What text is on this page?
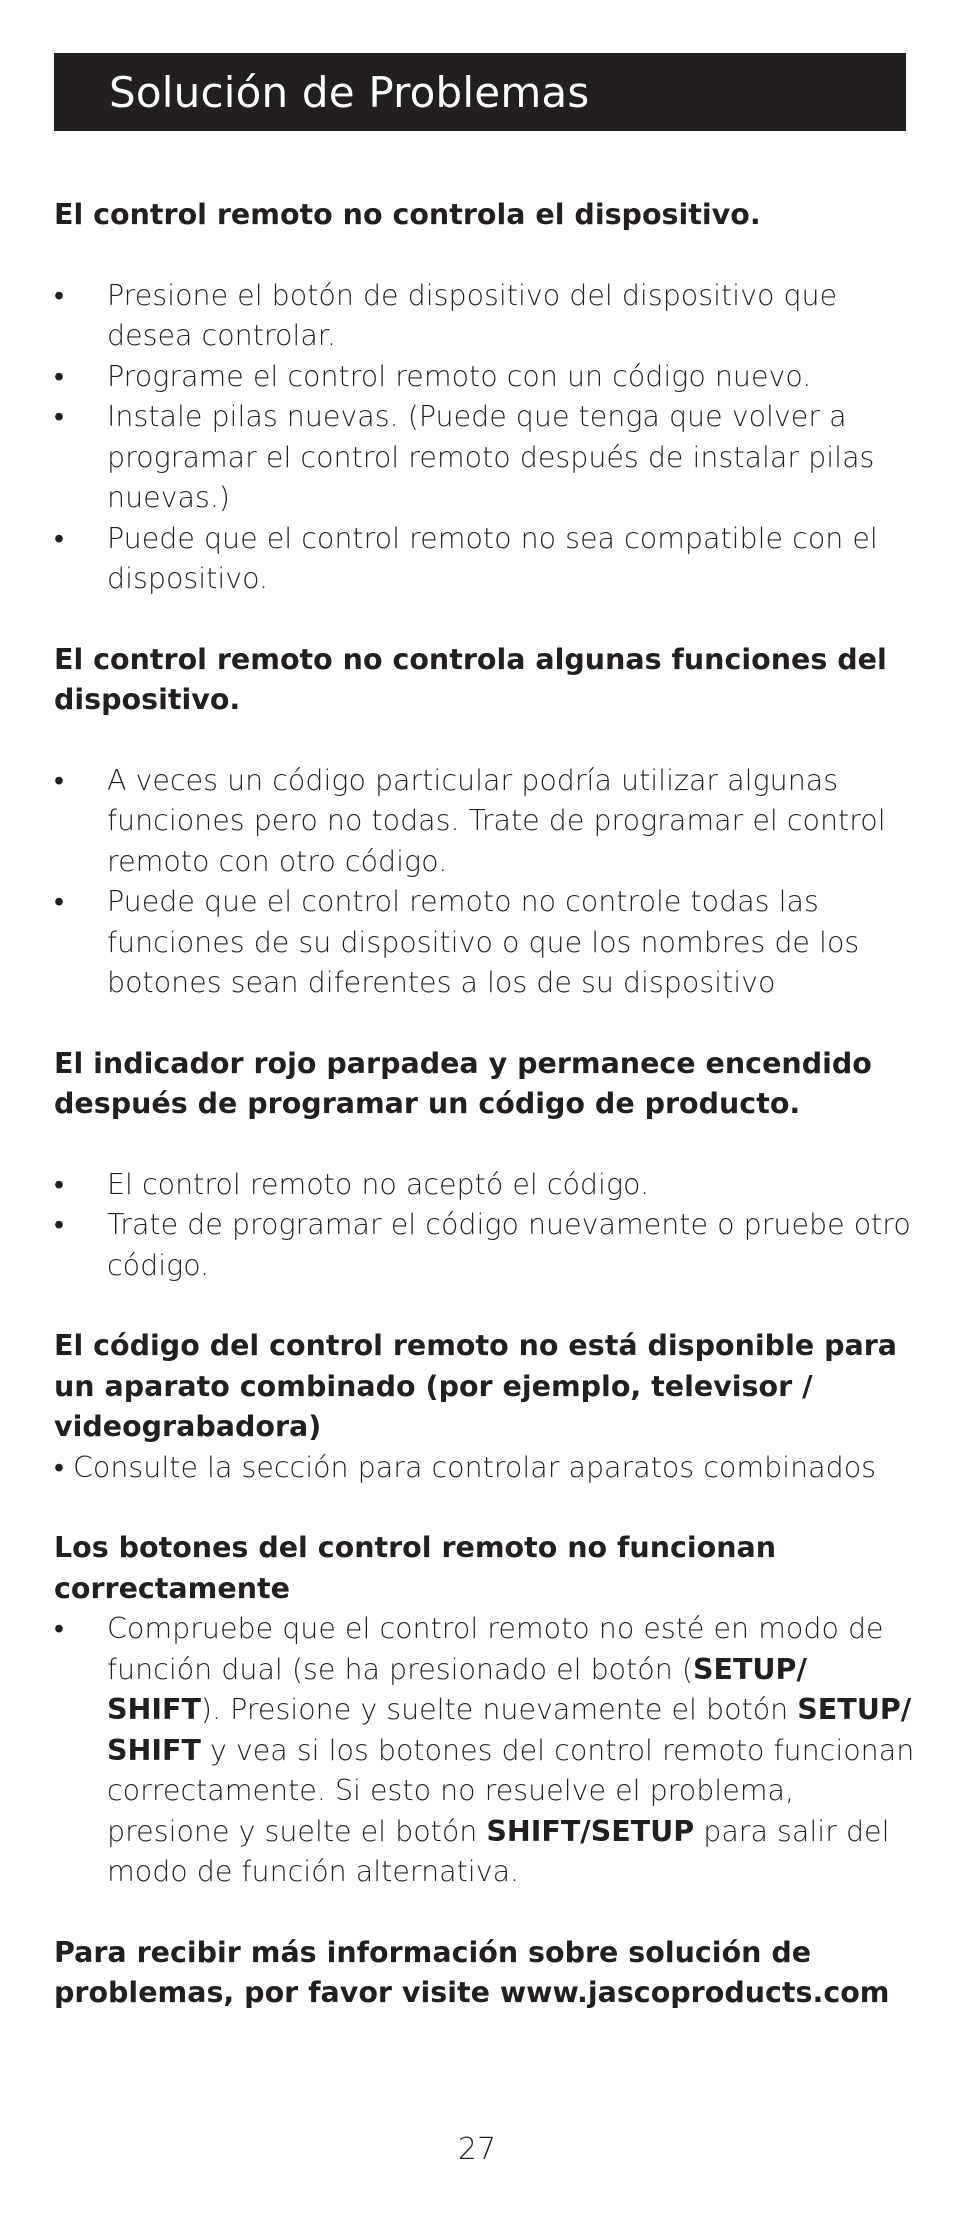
Solución de Problemas

El control remoto no controla el dispositivo.

• Presione el botón de dispositivo del dispositivo que desea controlar.
• Programe el control remoto con un código nuevo.
• Instale pilas nuevas. (Puede que tenga que volver a programar el control remoto después de instalar pilas nuevas.)
• Puede que el control remoto no sea compatible con el dispositivo.

El control remoto no controla algunas funciones del dispositivo.

• A veces un código particular podría utilizar algunas funciones pero no todas. Trate de programar el control remoto con otro código.
• Puede que el control remoto no controle todas las funciones de su dispositivo o que los nombres de los botones sean diferentes a los de su dispositivo

El indicador rojo parpadea y permanece encendido después de programar un código de producto.

• El control remoto no aceptó el código.
• Trate de programar el código nuevamente o pruebe otro código.

El código del control remoto no está disponible para un aparato combinado (por ejemplo, televisor / videograbadora)

• Consulte la sección para controlar aparatos combinados

Los botones del control remoto no funcionan correctamente

• Compruebe que el control remoto no esté en modo de función dual (se ha presionado el botón (SETUP/ SHIFT). Presione y suelte nuevamente el botón SETUP/ SHIFT y vea si los botones del control remoto funcionan correctamente. Si esto no resuelve el problema, presione y suelte el botón SHIFT/SETUP para salir del modo de función alternativa.

Para recibir más información sobre solución de problemas, por favor visite www.jascoproducts.com

27
